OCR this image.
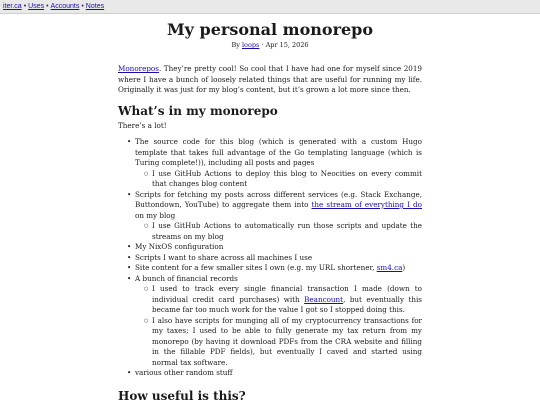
iter.ca • Uses • Accounts • Notes
My personal monorepo
By loops · Apr 15, 2026

Monorepos. They’re pretty cool! So cool that I have had one for myself since 2019 where I have a bunch of loosely related things that are useful for running my life. Originally it was just for my blog’s content, but it’s grown a lot more since then.

What’s in my monorepo

There’s a lot!

• The source code for this blog (which is generated with a custom Hugo template that takes full advantage of the Go templating language (which is Turing complete!)), including all posts and pages
○ I use GitHub Actions to deploy this blog to Neocities on every commit that changes blog content
• Scripts for fetching my posts across different services (e.g. Stack Exchange, Buttondown, YouTube) to aggregate them into the stream of everything I do on my blog
○ I use GitHub Actions to automatically run those scripts and update the streams on my blog
• My NixOS configuration
• Scripts I want to share across all machines I use
• Site content for a few smaller sites I own (e.g. my URL shortener, sm4.ca)
• A bunch of financial records
○ I used to track every single financial transaction I made (down to individual credit card purchases) with Beancount, but eventually this became far too much work for the value I got so I stopped doing this.
○ I also have scripts for munging all of my cryptocurrency transactions for my taxes; I used to be able to fully generate my tax return from my monorepo (by having it download PDFs from the CRA website and filling in the fillable PDF fields), but eventually I caved and started using normal tax software.
• various other random stuff
How useful is this?
